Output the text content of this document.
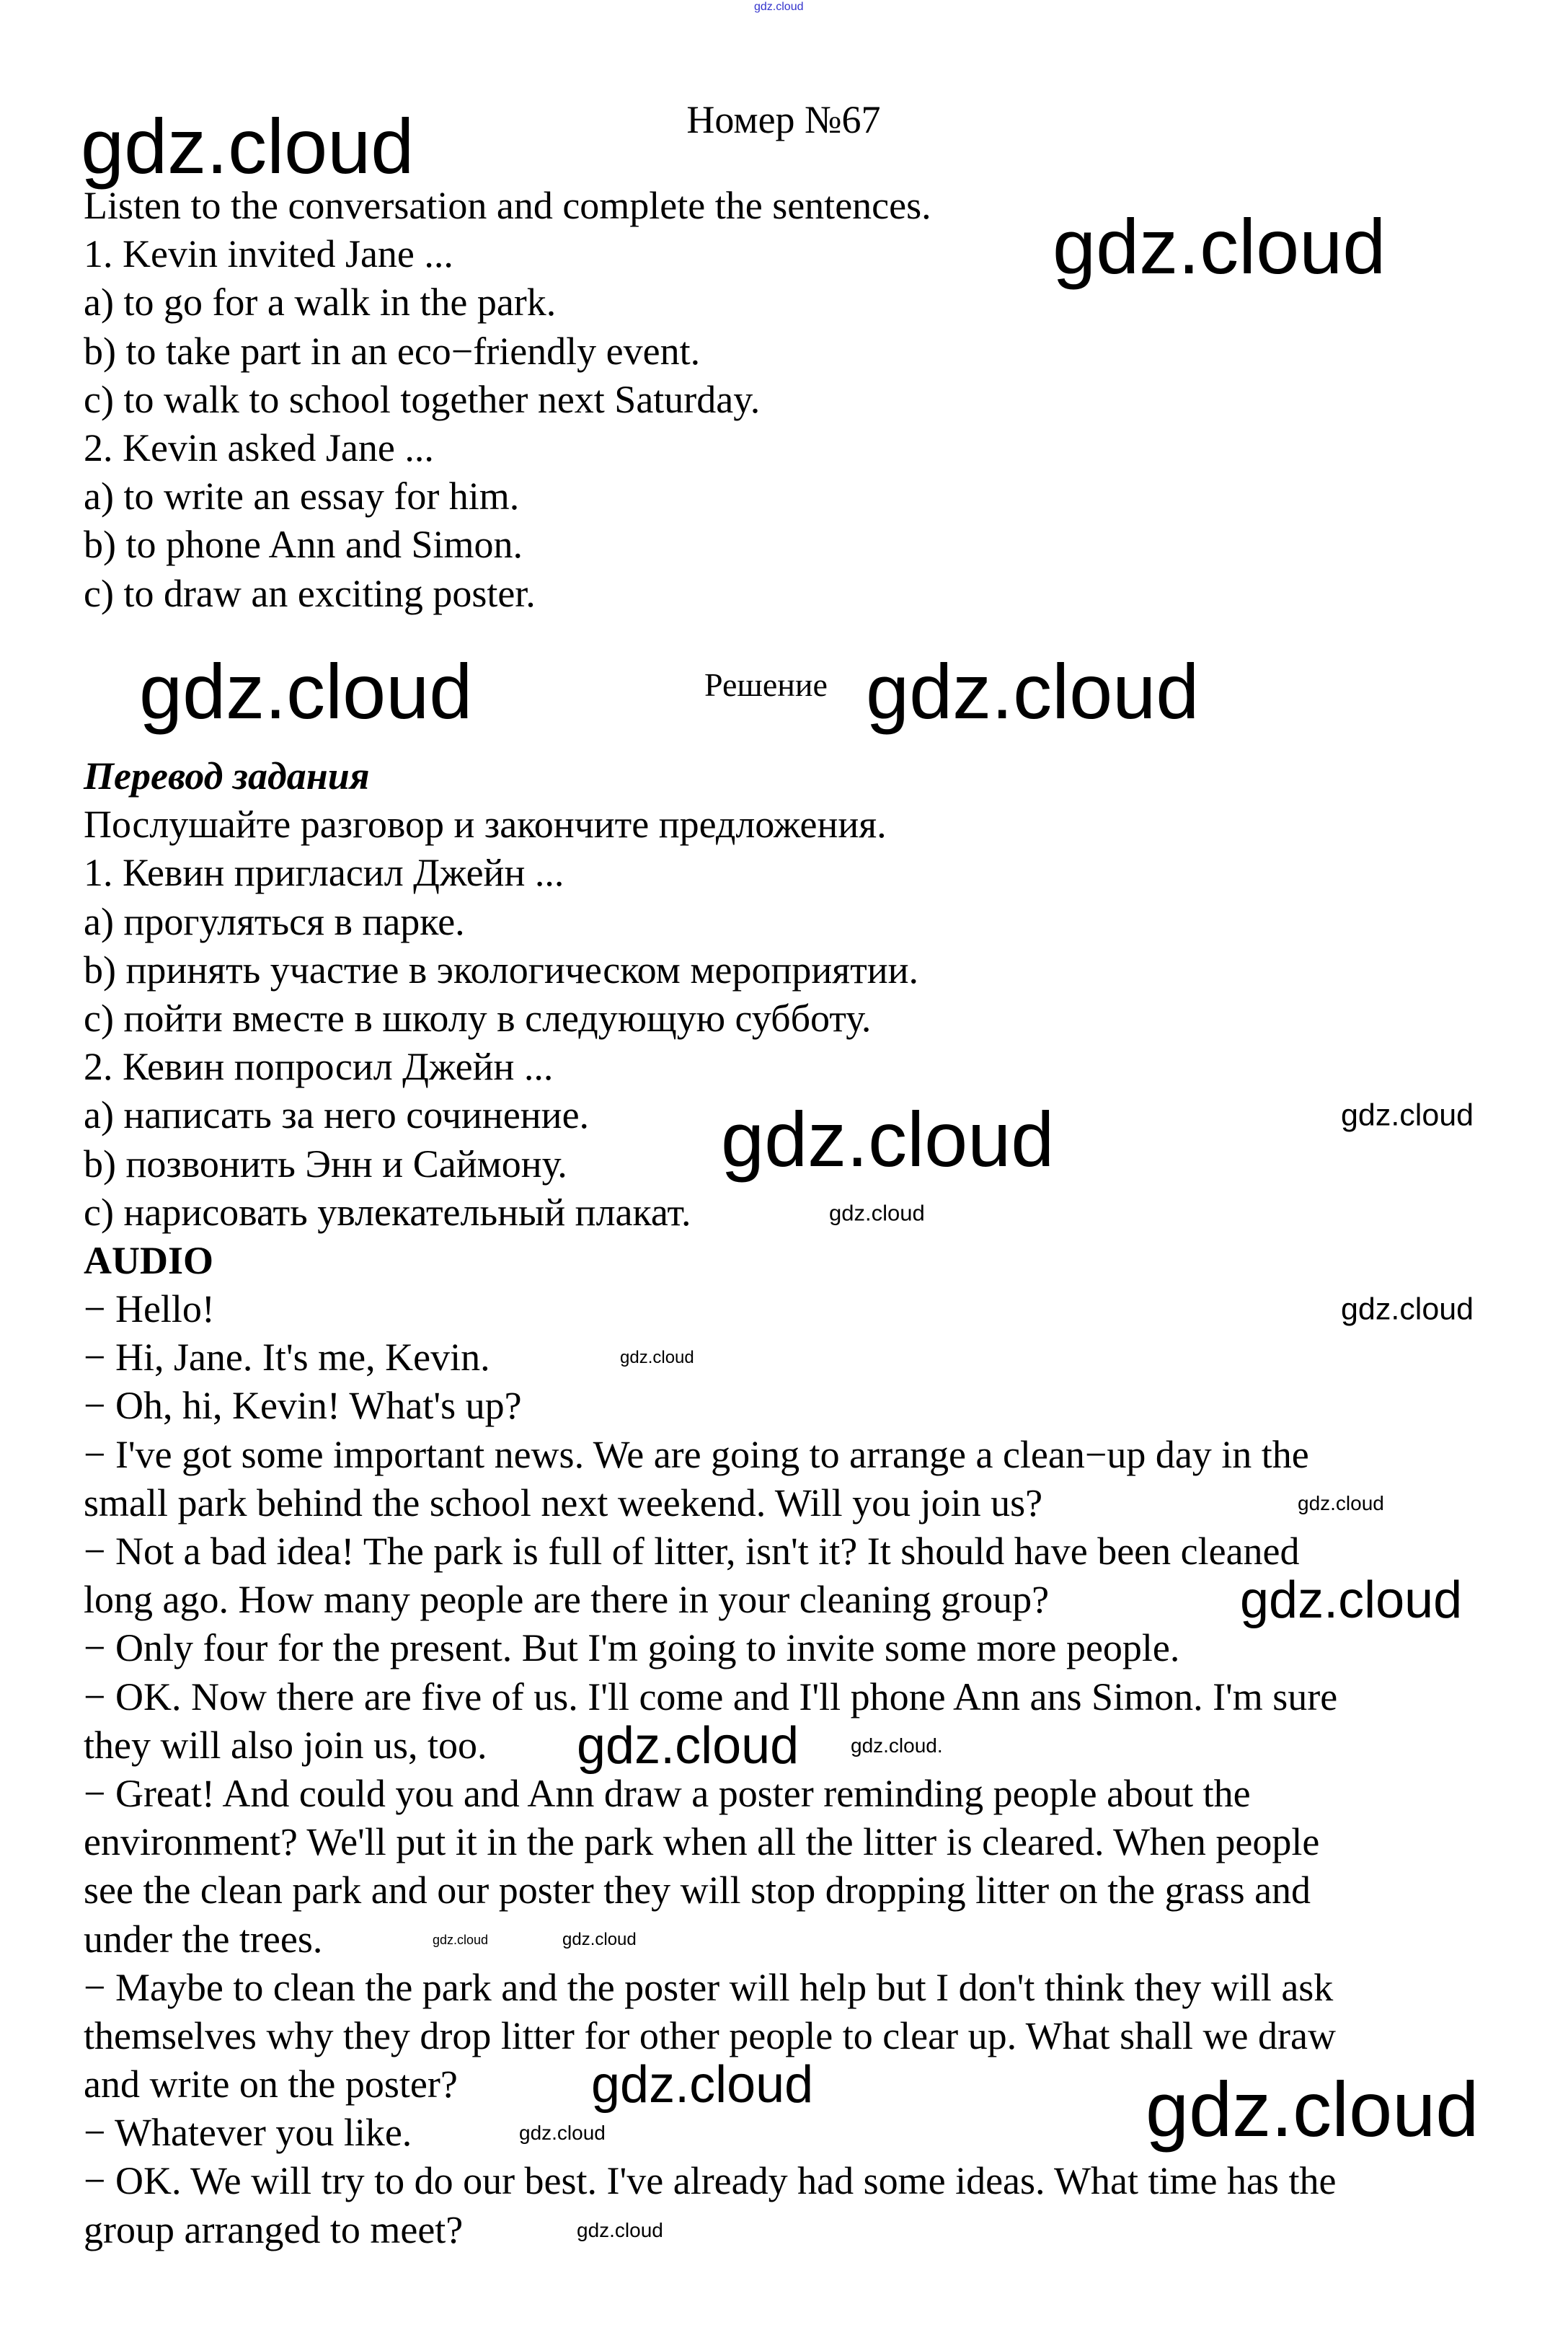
Номер №67
Listen to the conversation and complete the sentences.
1. Kevin invited Jane ...
a) to go for a walk in the park.
b) to take part in an eco−friendly event.
c) to walk to school together next Saturday.
2. Kevin asked Jane ...
a) to write an essay for him.
b) to phone Ann and Simon.
c) to draw an exciting poster.
Решение
Перевод задания
Послушайте разговор и закончите предложения.
1. Кевин пригласил Джейн ...
a) прогуляться в парке.
b) принять участие в экологическом мероприятии.
c) пойти вместе в школу в следующую субботу.
2. Кевин попросил Джейн ...
a) написать за него сочинение.
b) позвонить Энн и Саймону.
c) нарисовать увлекательный плакат.
AUDIO
− Hello!
− Hi, Jane. It's me, Kevin.
− Oh, hi, Kevin! What's up?
− I've got some important news. We are going to arrange a clean−up day in the
small park behind the school next weekend. Will you join us?
− Not a bad idea! The park is full of litter, isn't it? It should have been cleaned
long ago. How many people are there in your cleaning group?
− Only four for the present. But I'm going to invite some more people.
− OK. Now there are five of us. I'll come and I'll phone Ann ans Simon. I'm sure
they will also join us, too.
− Great! And could you and Ann draw a poster reminding people about the
environment? We'll put it in the park when all the litter is cleared. When people
see the clean park and our poster they will stop dropping litter on the grass and
under the trees.
− Maybe to clean the park and the poster will help but I don't think they will ask
themselves why they drop litter for other people to clear up. What shall we draw
and write on the poster?
− Whatever you like.
− OK. We will try to do our best. I've already had some ideas. What time has the
group arranged to meet?
gdz.cloud
gdz.cloud
gdz.cloud
gdz.cloud	gdz.cloud
gdz.cloud	gdz.cloud
gdz.cloud
gdz.cloud
gdz.cloud
gdz.cloud	gdz.cloud
gdz.cloud
gdz.cloud
gdz.cloud
gdz.cloud.
gdz.cloud	gdz.cloud
gdz.cloud
gdz.cloud
